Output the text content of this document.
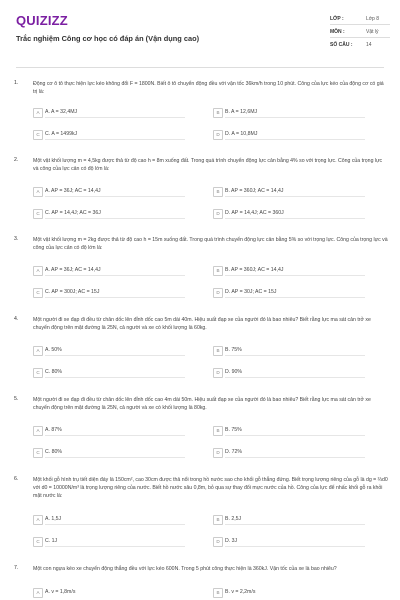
QUIZIZZ
Trắc nghiệm Công cơ học có đáp án (Vận dụng cao)
LỚP :	Lớp 8
MÔN :	Vật lý
SỐ CÂU :	14
1.	Động cơ ô tô thực hiện lực kéo không đổi F = 1800N. Biết ô tô chuyển động đều với vận tốc 36km/h trong 10 phút. Công của lực kéo của động cơ có giá trị là:
A	A. A = 32,4MJ	B	B. A = 12,6MJ
C	C. A = 1499kJ	D	D. A = 10,8MJ
2.	Một vật khối lượng m = 4,5kg được thả từ độ cao h = 8m xuống đất. Trong quá trình chuyển động lực cản bằng 4% so với trọng lực. Công của trọng lực và công của lực cản có độ lớn là:
A	A. AP = 36J; AC = 14,4J	B	B. AP = 360J; AC = 14,4J
C	C. AP = 14,4J; AC = 36J	D	D. AP = 14,4J; AC = 360J
3.	Một vật khối lượng m = 2kg được thả từ độ cao h = 15m xuống đất. Trong quá trình chuyển động lực cản bằng 5% so với trọng lực. Công của trọng lực và công của lực cản có độ lớn là:
A	A. AP = 36J; AC = 14,4J	B	B. AP = 360J; AC = 14,4J
C	C. AP = 300J; AC = 15J	D	D. AP = 30J; AC = 15J
4.	Một người đi xe đạp đi đều từ chân dốc lên đỉnh dốc cao 5m dài 40m. Hiệu suất đạp xe của người đó là bao nhiêu? Biết rằng lực ma sát cản trở xe chuyển động trên mặt đường là 25N, cả người và xe có khối lượng là 60kg.
A	A. 50%	B	B. 75%
C	C. 80%	D	D. 90%
5.	Một người đi xe đạp đi đều từ chân dốc lên đỉnh dốc cao 4m dài 50m. Hiệu suất đạp xe của người đó là bao nhiêu? Biết rằng lực ma sát cản trở xe chuyển động trên mặt đường là 25N, cả người và xe có khối lượng là 80kg.
A	A. 87%	B	B. 75%
C	C. 80%	D	D. 72%
6.	Một khối gỗ hình trụ tiết diện đáy là 150cm², cao 30cm được thả nổi trong hồ nước sao cho khối gỗ thẳng đứng. Biết trọng lượng riêng của gỗ là dg = ⅔d0 với d0 = 10000N/m³ là trọng lượng riêng của nước. Biết hồ nước sâu 0,8m, bỏ qua sự thay đổi mực nước của hồ. Công của lực để nhấc khối gỗ ra khỏi mặt nước là:
A	A. 1,5J	B	B. 2,5J
C	C. 1J	D	D. 3J
7.	Một con ngựa kéo xe chuyển động thẳng đều với lực kéo 600N. Trong 5 phút công thực hiện là 360kJ. Vận tốc của xe là bao nhiêu?
A	A. v = 1,8m/s	B	B. v = 2,2m/s
